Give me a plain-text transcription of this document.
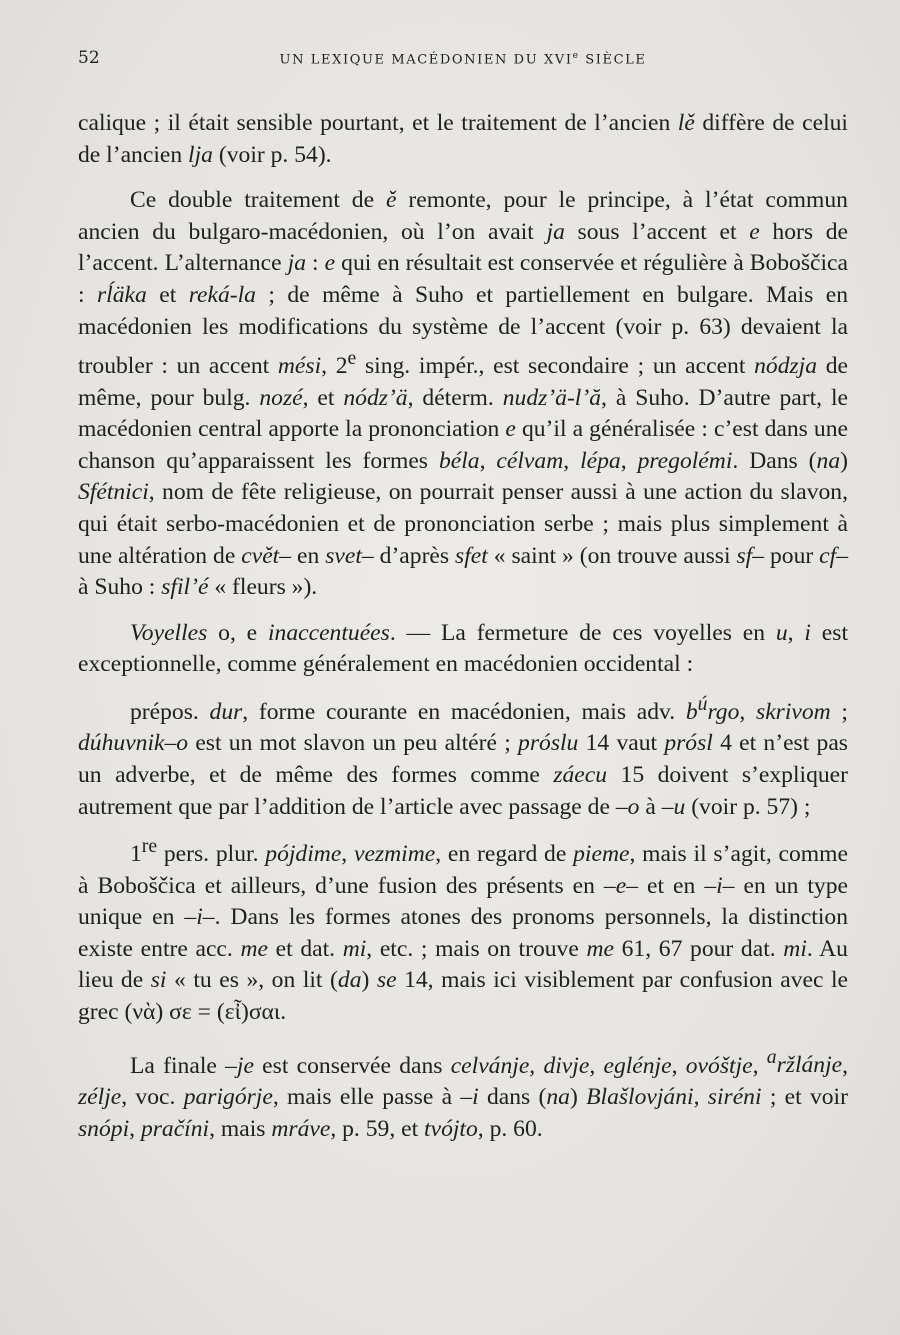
52	UN LEXIQUE MACÉDONIEN DU XVIe SIÈCLE

calique ; il était sensible pourtant, et le traitement de l’ancien lě diffère de celui de l’ancien lja (voir p. 54).

Ce double traitement de ě remonte, pour le principe, à l’état commun ancien du bulgaro-macédonien, où l’on avait ja sous l’accent et e hors de l’accent. L’alternance ja : e qui en résultait est conservée et régulière à Boboščica : rĺäka et reká-la ; de même à Suho et partiellement en bulgare. Mais en macédonien les modifications du système de l’accent (voir p. 63) devaient la troubler : un accent mési, 2e sing. impér., est secondaire ; un accent nódzja de même, pour bulg. nozé, et nódz’ä, déterm. nudz’ä-l’ă, à Suho. D’autre part, le macédonien central apporte la prononciation e qu’il a généralisée : c’est dans une chanson qu’apparaissent les formes béla, célvam, lépa, pregolémi. Dans (na) Sfétnici, nom de fête religieuse, on pourrait penser aussi à une action du slavon, qui était serbo-macédonien et de prononciation serbe ; mais plus simplement à une altération de cvět– en svet– d’après sfet « saint » (on trouve aussi sf– pour cf– à Suho : sfil’é « fleurs »).

Voyelles o, e inaccentuées. — La fermeture de ces voyelles en u, i est exceptionnelle, comme généralement en macédonien occidental :

prépos. dur, forme courante en macédonien, mais adv. $b^úrgo$, skrivom ; dúhuvnik–o est un mot slavon un peu altéré ; próslu 14 vaut prósl 4 et n’est pas un adverbe, et de même des formes comme záecu 15 doivent s’expliquer autrement que par l’addition de l’article avec passage de –o à –u (voir p. 57) ;

1re pers. plur. pójdime, vezmime, en regard de pieme, mais il s’agit, comme à Boboščica et ailleurs, d’une fusion des présents en –e– et en –i– en un type unique en –i–. Dans les formes atones des pronoms personnels, la distinction existe entre acc. me et dat. mi, etc. ; mais on trouve me 61, 67 pour dat. mi. Au lieu de si « tu es », on lit (da) se 14, mais ici visiblement par confusion avec le grec (νὰ) σε = (εἶ)σαι.

La finale –je est conservée dans celvánje, divje, eglénje, ovóštje, $^a$ržlánje, zélje, voc. parigórje, mais elle passe à –i dans (na) Blašlovjáni, siréni ; et voir snópi, pračíni, mais mráve, p. 59, et tvójto, p. 60.
